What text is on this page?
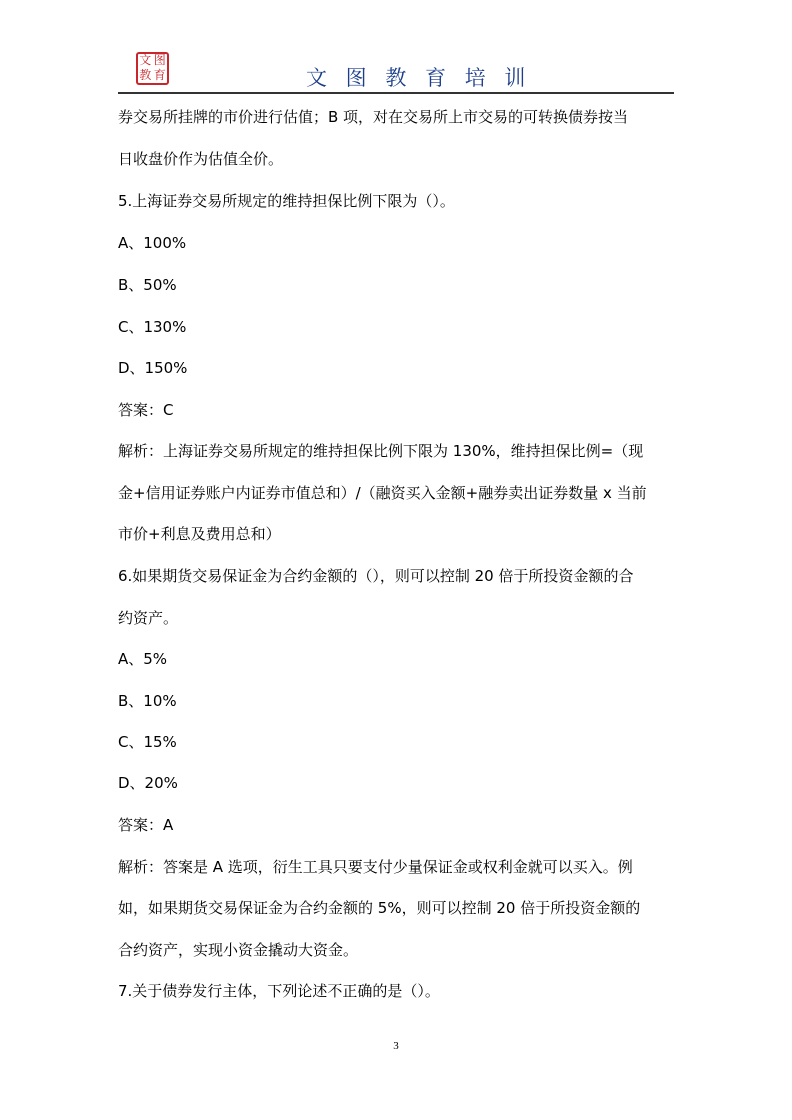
文 图
教 育	文 图 教 育 培 训
券交易所挂牌的市价进行估值；B 项，对在交易所上市交易的可转换债券按当
日收盘价作为估值全价。
5.上海证券交易所规定的维持担保比例下限为（）。
A、100%
B、50%
C、130%
D、150%
答案：C
解析：上海证券交易所规定的维持担保比例下限为 130%，维持担保比例=（现
金+信用证券账户内证券市值总和）/（融资买入金额+融券卖出证券数量 x 当前
市价+利息及费用总和）
6.如果期货交易保证金为合约金额的（），则可以控制 20 倍于所投资金额的合
约资产。
A、5%
B、10%
C、15%
D、20%
答案：A
解析：答案是 A 选项，衍生工具只要支付少量保证金或权利金就可以买入。例
如，如果期货交易保证金为合约金额的 5%，则可以控制 20 倍于所投资金额的
合约资产，实现小资金撬动大资金。
7.关于债券发行主体，下列论述不正确的是（）。
3
